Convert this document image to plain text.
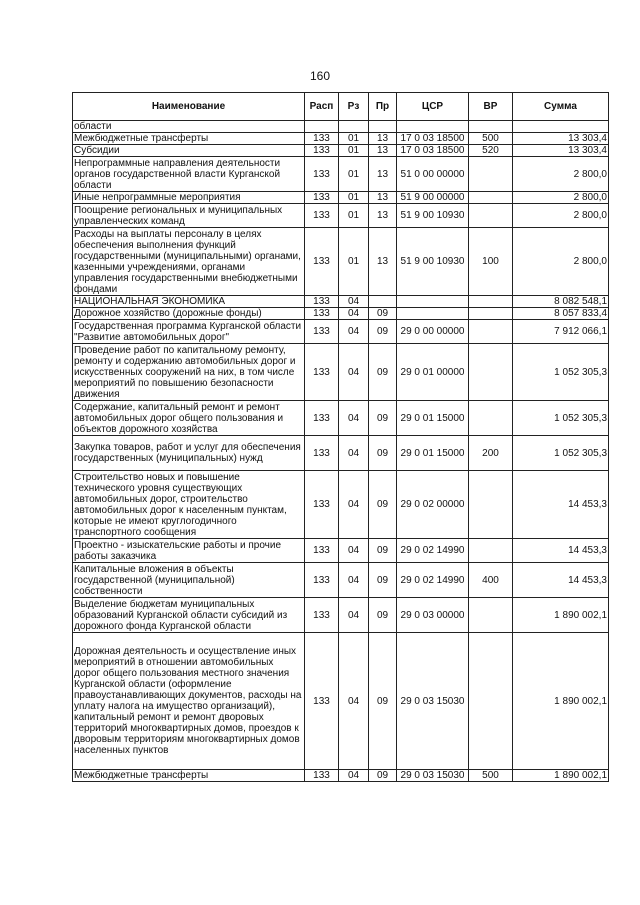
160
Наименование	Расп	Рз	Пр	ЦСР	ВР	Сумма
области						
Межбюджетные трансферты	133	01	13	17 0 03 18500	500	13 303,4
Субсидии	133	01	13	17 0 03 18500	520	13 303,4
Непрограммные направления деятельности органов государственной власти Курганской области	133	01	13	51 0 00 00000		2 800,0
Иные непрограммные мероприятия	133	01	13	51 9 00 00000		2 800,0
Поощрение региональных и муниципальных управленческих команд	133	01	13	51 9 00 10930		2 800,0
Расходы на выплаты персоналу в целях обеспечения выполнения функций государственными (муниципальными) органами, казенными учреждениями, органами управления государственными внебюджетными фондами	133	01	13	51 9 00 10930	100	2 800,0
НАЦИОНАЛЬНАЯ ЭКОНОМИКА	133	04				8 082 548,1
Дорожное хозяйство (дорожные фонды)	133	04	09			8 057 833,4
Государственная программа Курганской области "Развитие автомобильных дорог"	133	04	09	29 0 00 00000		7 912 066,1
Проведение работ по капитальному ремонту, ремонту и содержанию автомобильных дорог и искусственных сооружений на них, в том числе мероприятий по повышению безопасности движения	133	04	09	29 0 01 00000		1 052 305,3
Содержание, капитальный ремонт и ремонт автомобильных дорог общего пользования и объектов дорожного хозяйства	133	04	09	29 0 01 15000		1 052 305,3
Закупка товаров, работ и услуг для обеспечения государственных (муниципальных) нужд	133	04	09	29 0 01 15000	200	1 052 305,3
Строительство новых и повышение технического уровня существующих автомобильных дорог, строительство автомобильных дорог к населенным пунктам, которые не имеют круглогодичного транспортного сообщения	133	04	09	29 0 02 00000		14 453,3
Проектно - изыскательские работы и прочие работы заказчика	133	04	09	29 0 02 14990		14 453,3
Капитальные вложения в объекты государственной (муниципальной) собственности	133	04	09	29 0 02 14990	400	14 453,3
Выделение бюджетам муниципальных образований Курганской области субсидий из дорожного фонда Курганской области	133	04	09	29 0 03 00000		1 890 002,1
Дорожная деятельность и осуществление иных мероприятий в отношении автомобильных дорог общего пользования местного значения Курганской области (оформление правоустанавливающих документов, расходы на уплату налога на имущество организаций), капитальный ремонт и ремонт дворовых территорий многоквартирных домов, проездов к дворовым территориям многоквартирных домов населенных пунктов	133	04	09	29 0 03 15030		1 890 002,1
Межбюджетные трансферты	133	04	09	29 0 03 15030	500	1 890 002,1
